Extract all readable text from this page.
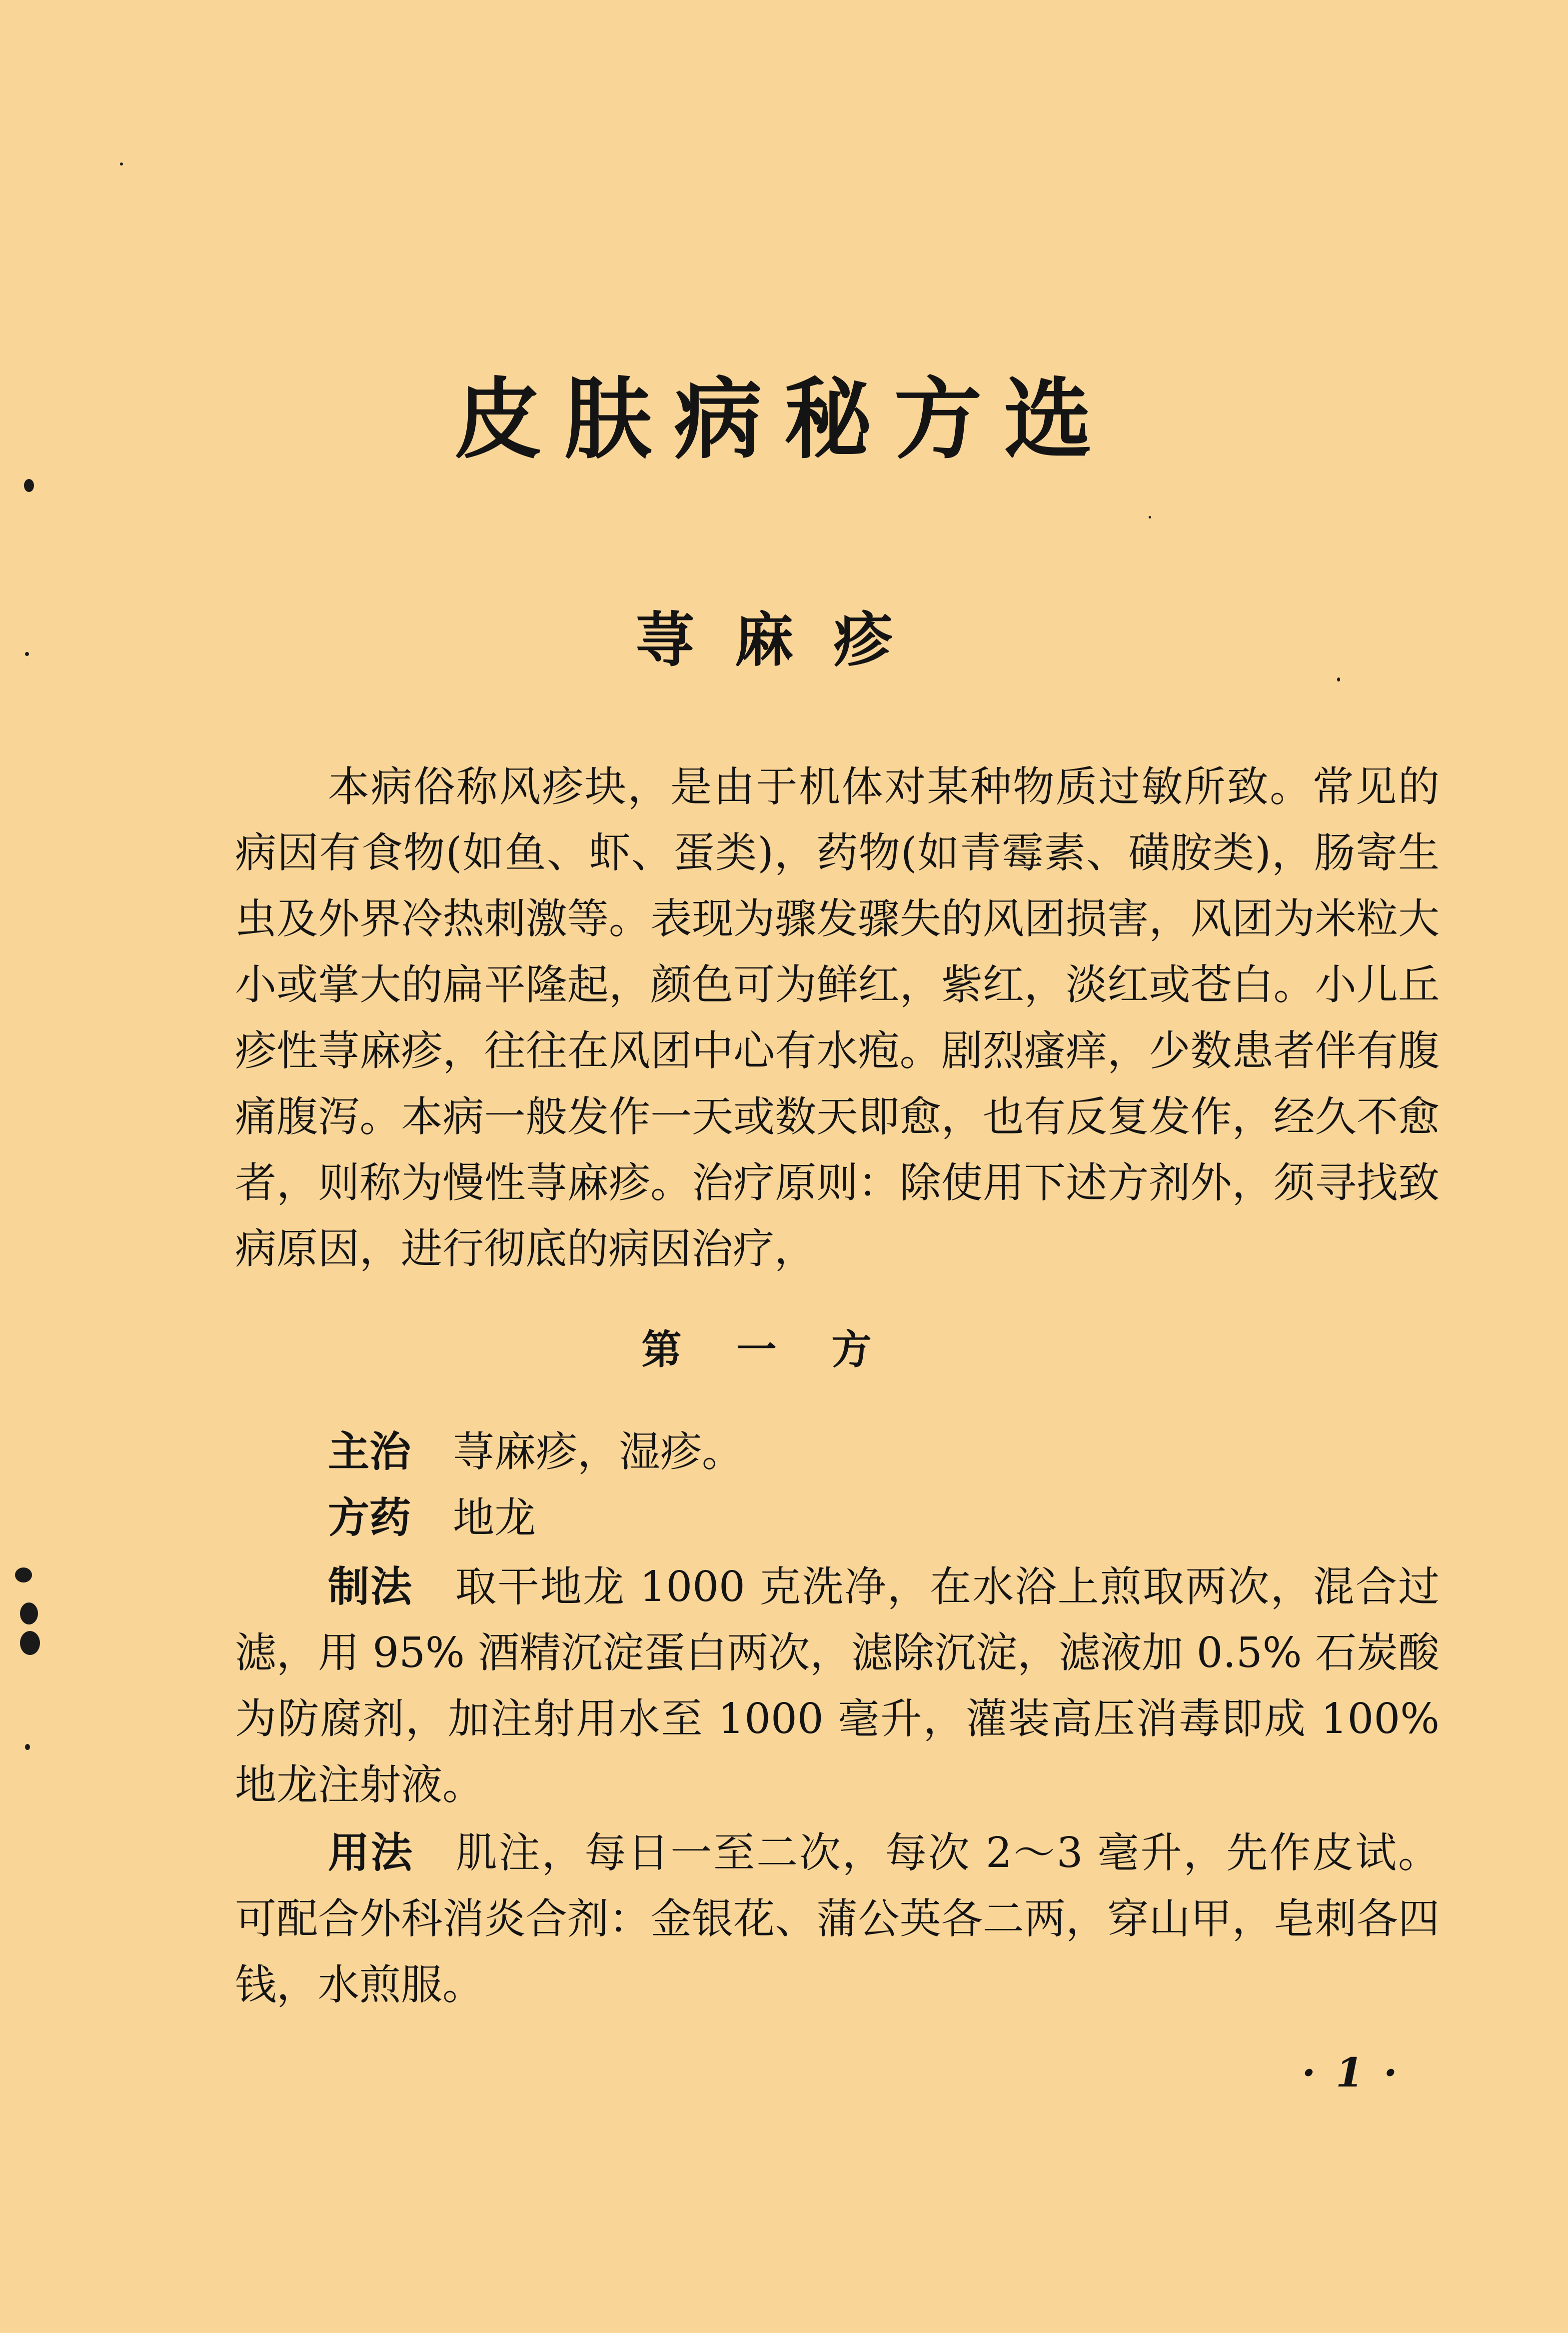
皮肤病秘方选
荨麻疹

本病俗称风疹块，是由于机体对某种物质过敏所致。常见的病因有食物(如鱼、虾、蛋类)，药物(如青霉素、磺胺类)，肠寄生虫及外界冷热刺激等。表现为骤发骤失的风团损害，风团为米粒大小或掌大的扁平隆起，颜色可为鲜红，紫红，淡红或苍白。小儿丘疹性荨麻疹，往往在风团中心有水疱。剧烈瘙痒，少数患者伴有腹痛腹泻。本病一般发作一天或数天即愈，也有反复发作，经久不愈者，则称为慢性荨麻疹。治疗原则：除使用下述方剂外，须寻找致病原因，进行彻底的病因治疗，

第一方

主治 荨麻疹，湿疹。

方药 地龙

制法 取干地龙 1000 克洗净，在水浴上煎取两次，混合过滤，用 95% 酒精沉淀蛋白两次，滤除沉淀，滤液加 0.5% 石炭酸为防腐剂，加注射用水至 1000 毫升，灌装高压消毒即成 100% 地龙注射液。

用法 肌注，每日一至二次，每次 2～3 毫升，先作皮试。可配合外科消炎合剂：金银花、蒲公英各二两，穿山甲，皂刺各四钱，水煎服。

·1·
